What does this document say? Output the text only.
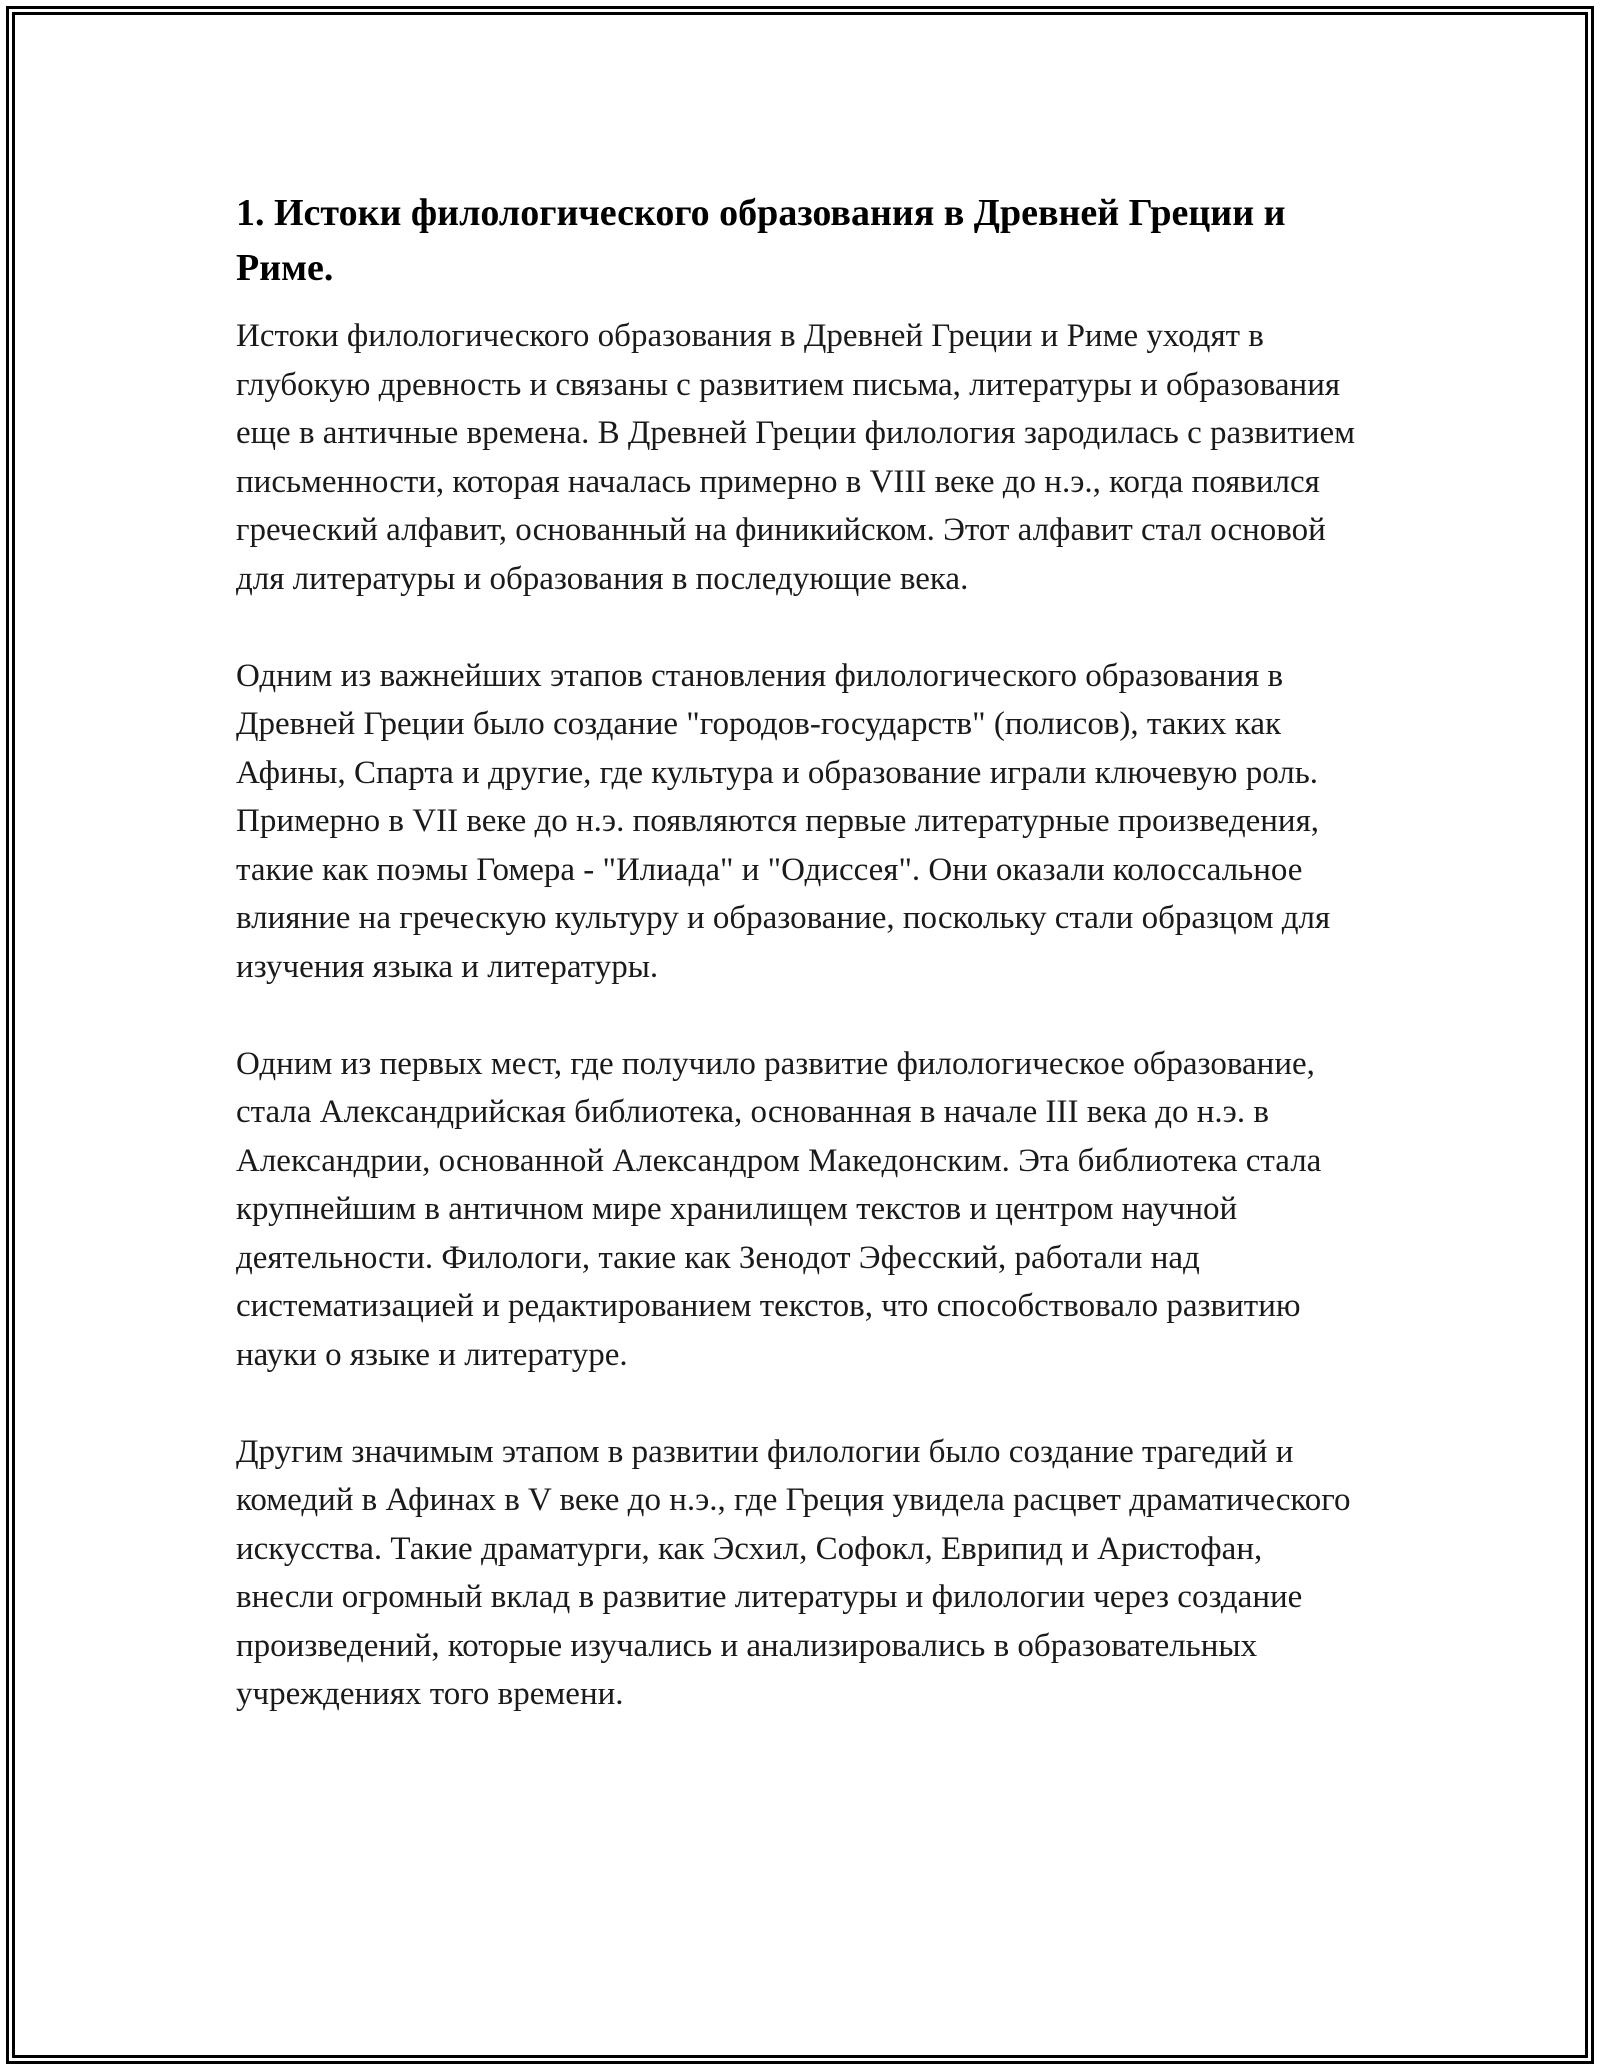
1. Истоки филологического образования в Древней Греции и Риме.

Истоки филологического образования в Древней Греции и Риме уходят в глубокую древность и связаны с развитием письма, литературы и образования еще в античные времена. В Древней Греции филология зародилась с развитием письменности, которая началась примерно в VIII веке до н.э., когда появился греческий алфавит, основанный на финикийском. Этот алфавит стал основой для литературы и образования в последующие века.

Одним из важнейших этапов становления филологического образования в Древней Греции было создание "городов-государств" (полисов), таких как Афины, Спарта и другие, где культура и образование играли ключевую роль. Примерно в VII веке до н.э. появляются первые литературные произведения, такие как поэмы Гомера - "Илиада" и "Одиссея". Они оказали колоссальное влияние на греческую культуру и образование, поскольку стали образцом для изучения языка и литературы.

Одним из первых мест, где получило развитие филологическое образование, стала Александрийская библиотека, основанная в начале III века до н.э. в Александрии, основанной Александром Македонским. Эта библиотека стала крупнейшим в античном мире хранилищем текстов и центром научной деятельности. Филологи, такие как Зенодот Эфесский, работали над систематизацией и редактированием текстов, что способствовало развитию науки о языке и литературе.

Другим значимым этапом в развитии филологии было создание трагедий и комедий в Афинах в V веке до н.э., где Греция увидела расцвет драматического искусства. Такие драматурги, как Эсхил, Софокл, Еврипид и Аристофан, внесли огромный вклад в развитие литературы и филологии через создание произведений, которые изучались и анализировались в образовательных учреждениях того времени.
